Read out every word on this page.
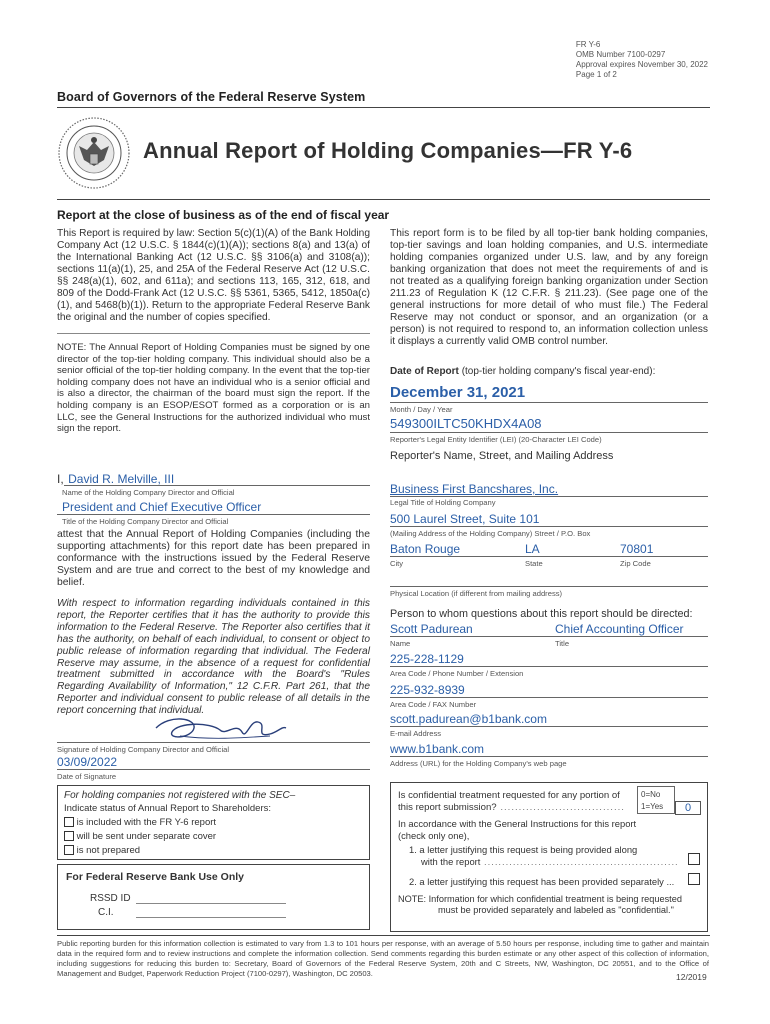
FR Y-6
OMB Number 7100-0297
Approval expires November 30, 2022
Page 1 of 2
Board of Governors of the Federal Reserve System
Annual Report of Holding Companies—FR Y-6
Report at the close of business as of the end of fiscal year
This Report is required by law: Section 5(c)(1)(A) of the Bank Holding Company Act (12 U.S.C. § 1844(c)(1)(A)); sections 8(a) and 13(a) of the International Banking Act (12 U.S.C. §§ 3106(a) and 3108(a)); sections 11(a)(1), 25, and 25A of the Federal Reserve Act (12 U.S.C. §§ 248(a)(1), 602, and 611a); and sections 113, 165, 312, 618, and 809 of the Dodd-Frank Act (12 U.S.C. §§ 5361, 5365, 5412, 1850a(c)(1), and 5468(b)(1)). Return to the appropriate Federal Reserve Bank the original and the number of copies specified.
NOTE: The Annual Report of Holding Companies must be signed by one director of the top-tier holding company. This individual should also be a senior official of the top-tier holding company. In the event that the top-tier holding company does not have an individual who is a senior official and is also a director, the chairman of the board must sign the report. If the holding company is an ESOP/ESOT formed as a corporation or is an LLC, see the General Instructions for the authorized individual who must sign the report.
I, David R. Melville, III
Name of the Holding Company Director and Official
President and Chief Executive Officer
Title of the Holding Company Director and Official
attest that the Annual Report of Holding Companies (including the supporting attachments) for this report date has been prepared in conformance with the instructions issued by the Federal Reserve System and are true and correct to the best of my knowledge and belief.
With respect to information regarding individuals contained in this report, the Reporter certifies that it has the authority to provide this information to the Federal Reserve. The Reporter also certifies that it has the authority, on behalf of each individual, to consent or object to public release of information regarding that individual. The Federal Reserve may assume, in the absence of a request for confidential treatment submitted in accordance with the Board's "Rules Regarding Availability of Information," 12 C.F.R. Part 261, that the Reporter and individual consent to public release of all details in the report concerning that individual.
Signature of Holding Company Director and Official
03/09/2022
Date of Signature
For holding companies not registered with the SEC–
Indicate status of Annual Report to Shareholders:
is included with the FR Y-6 report
will be sent under separate cover
is not prepared
For Federal Reserve Bank Use Only
RSSD ID
C.I.
This report form is to be filed by all top-tier bank holding companies, top-tier savings and loan holding companies, and U.S. intermediate holding companies organized under U.S. law, and by any foreign banking organization that does not meet the requirements of and is not treated as a qualifying foreign banking organization under Section 211.23 of Regulation K (12 C.F.R. § 211.23). (See page one of the general instructions for more detail of who must file.) The Federal Reserve may not conduct or sponsor, and an organization (or a person) is not required to respond to, an information collection unless it displays a currently valid OMB control number.
Date of Report (top-tier holding company's fiscal year-end):
December 31, 2021
Month / Day / Year
549300ILTC50KHDX4A08
Reporter's Legal Entity Identifier (LEI) (20-Character LEI Code)
Reporter's Name, Street, and Mailing Address
Business First Bancshares, Inc.
Legal Title of Holding Company
500 Laurel Street, Suite 101
(Mailing Address of the Holding Company) Street / P.O. Box
Baton Rouge	LA	70801
City	State	Zip Code
Physical Location (if different from mailing address)
Person to whom questions about this report should be directed:
Scott Padurean	Chief Accounting Officer
Name	Title
225-228-1129
Area Code / Phone Number / Extension
225-932-8939
Area Code / FAX Number
scott.padurean@b1bank.com
E-mail Address
www.b1bank.com
Address (URL) for the Holding Company's web page
Is confidential treatment requested for any portion of
this report submission? ..................................
0=No
1=Yes	0
In accordance with the General Instructions for this report (check only one),
1. a letter justifying this request is being provided along
with the report ......................................................
2. a letter justifying this request has been provided separately ...
NOTE: Information for which confidential treatment is being requested must be provided separately and labeled as "confidential."
Public reporting burden for this information collection is estimated to vary from 1.3 to 101 hours per response, with an average of 5.50 hours per response, including time to gather and maintain data in the required form and to review instructions and complete the information collection. Send comments regarding this burden estimate or any other aspect of this collection of information, including suggestions for reducing this burden to: Secretary, Board of Governors of the Federal Reserve System, 20th and C Streets, NW, Washington, DC 20551, and to the Office of Management and Budget, Paperwork Reduction Project (7100-0297), Washington, DC 20503.	12/2019
